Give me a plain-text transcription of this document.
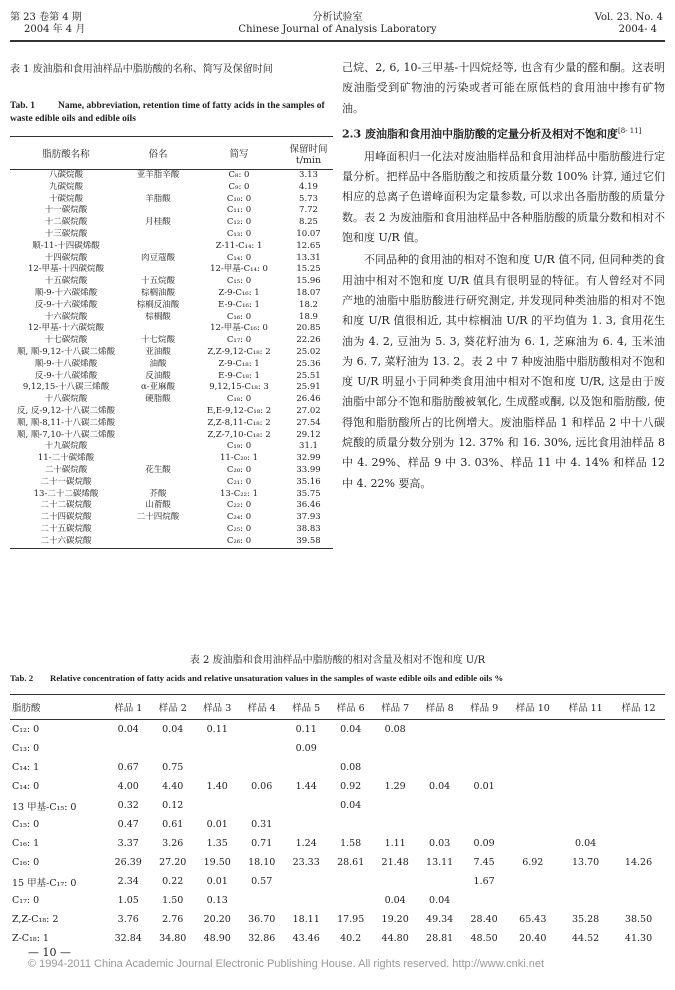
第 23 卷第 4 期
2004 年 4 月
分析试验室
Chinese Journal of Analysis Laboratory
Vol. 23. No. 4
2004- 4
表 1 废油脂和食用油样品中脂肪酸的名称、简写及保留时间
Tab. 1 Name, abbreviation, retention time of fatty acids in the samples of waste edible oils and edible oils
脂肪酸名称	俗名	简写	保留时间 t/min
八碳烷酸	亚羊脂辛酸	C₈: 0	3.13
九碳烷酸		C₉: 0	4.19
十碳烷酸	羊脂酸	C₁₀: 0	5.73
十一碳烷酸		C₁₁: 0	7.72
十二碳烷酸	月桂酸	C₁₂: 0	8.25
十三碳烷酸		C₁₃: 0	10.07
顺-11-十四碳烯酸		Z-11-C₁₄: 1	12.65
十四碳烷酸	肉豆蔻酸	C₁₄: 0	13.31
12-甲基-十四碳烷酸		12-甲基-C₁₄: 0	15.25
十五碳烷酸	十五烷酸	C₁₅: 0	15.96
顺-9-十六碳烯酸	棕榈油酸	Z-9-C₁₆: 1	18.07
反-9-十六碳烯酸	棕榈反油酸	E-9-C₁₆: 1	18.2
十六碳烷酸	棕榈酸	C₁₆: 0	18.9
12-甲基-十六碳烷酸		12-甲基-C₁₆: 0	20.85
十七碳烷酸	十七烷酸	C₁₇: 0	22.26
顺, 顺-9,12-十八碳二烯酸	亚油酸	Z,Z-9,12-C₁₈: 2	25.02
顺-9-十八碳烯酸	油酸	Z-9-C₁₈: 1	25.36
反-9-十八碳烯酸	反油酸	E-9-C₁₈: 1	25.51
9,12,15-十八碳三烯酸	α-亚麻酸	9,12,15-C₁₈: 3	25.91
十八碳烷酸	硬脂酸	C₁₈: 0	26.46
反, 反-9,12-十八碳二烯酸		E,E-9,12-C₁₈: 2	27.02
顺, 顺-8,11-十八碳二烯酸		Z,Z-8,11-C₁₈: 2	27.54
顺, 顺-7,10-十八碳二烯酸		Z,Z-7,10-C₁₈: 2	29.12
十九碳烷酸		C₁₉: 0	31.1
11-二十碳烯酸		11-C₂₀: 1	32.99
二十碳烷酸	花生酸	C₂₀: 0	33.99
二十一碳烷酸		C₂₁: 0	35.16
13-二十二碳烯酸	芥酸	13-C₂₂: 1	35.75
二十二碳烷酸	山萮酸	C₂₂: 0	36.46
二十四碳烷酸	二十四烷酸	C₂₄: 0	37.93
二十五碳烷酸		C₂₅: 0	38.83
二十六碳烷酸		C₂₆: 0	39.58
己烷、2, 6, 10-三甲基-十四烷烃等, 也含有少量的醛和酮。这表明废油脂受到矿物油的污染或者可能在原低档的食用油中掺有矿物油。
2.3 废油脂和食用油中脂肪酸的定量分析及相对不饱和度[8- 11]
用峰面积归一化法对废油脂样品和食用油样品中脂肪酸进行定量分析。把样品中各脂肪酸之和按质量分数 100% 计算, 通过它们相应的总离子色谱峰面积为定量参数, 可以求出各脂肪酸的质量分数。表 2 为废油脂和食用油样品中各种脂肪酸的质量分数和相对不饱和度 U/R 值。
不同品种的食用油的相对不饱和度 U/R 值不同, 但同种类的食用油中相对不饱和度 U/R 值具有很明显的特征。有人曾经对不同产地的油脂中脂肪酸进行研究测定, 并发现同种类油脂的相对不饱和度 U/R 值很相近, 其中棕榈油 U/R 的平均值为 1. 3, 食用花生油为 4. 2, 豆油为 5. 3, 葵花籽油为 6. 1, 芝麻油为 6. 4, 玉米油为 6. 7, 菜籽油为 13. 2。表 2 中 7 种废油脂中脂肪酸相对不饱和度 U/R 明显小于同种类食用油中相对不饱和度 U/R, 这是由于废油脂中部分不饱和脂肪酸被氧化, 生成醛或酮, 以及饱和脂肪酸, 使得饱和脂肪酸所占的比例增大。废油脂样品 1 和样品 2 中十八碳烷酸的质量分数分别为 12. 37% 和 16. 30%, 远比食用油样品 8 中 4. 29%、样品 9 中 3. 03%、样品 11 中 4. 14% 和样品 12 中 4. 22% 要高。
表 2 废油脂和食用油样品中脂肪酸的相对含量及相对不饱和度 U/R
Tab. 2 Relative concentration of fatty acids and relative unsaturation values in the samples of waste edible oils and edible oils %
脂肪酸	样品 1	样品 2	样品 3	样品 4	样品 5	样品 6	样品 7	样品 8	样品 9	样品 10	样品 11	样品 12
C₁₂: 0	0.04	0.04	0.11		0.11	0.04	0.08					
C₁₃: 0					0.09							
C₁₄: 1	0.67	0.75				0.08						
C₁₄: 0	4.00	4.40	1.40	0.06	1.44	0.92	1.29	0.04	0.01			
13 甲基-C₁₅: 0	0.32	0.12				0.04						
C₁₅: 0	0.47	0.61	0.01	0.31								
C₁₆: 1	3.37	3.26	1.35	0.71	1.24	1.58	1.11	0.03	0.09		0.04	
C₁₆: 0	26.39	27.20	19.50	18.10	23.33	28.61	21.48	13.11	7.45	6.92	13.70	14.26
15 甲基-C₁₇: 0	2.34	0.22	0.01	0.57					1.67			
C₁₇: 0	1.05	1.50	0.13				0.04	0.04				
Z,Z-C₁₈: 2	3.76	2.76	20.20	36.70	18.11	17.95	19.20	49.34	28.40	65.43	35.28	38.50
Z-C₁₈: 1	32.84	34.80	48.90	32.86	43.46	40.2	44.80	28.81	48.50	20.40	44.52	41.30
— 10 —
© 1994-2011 China Academic Journal Electronic Publishing House. All rights reserved. http://www.cnki.net
